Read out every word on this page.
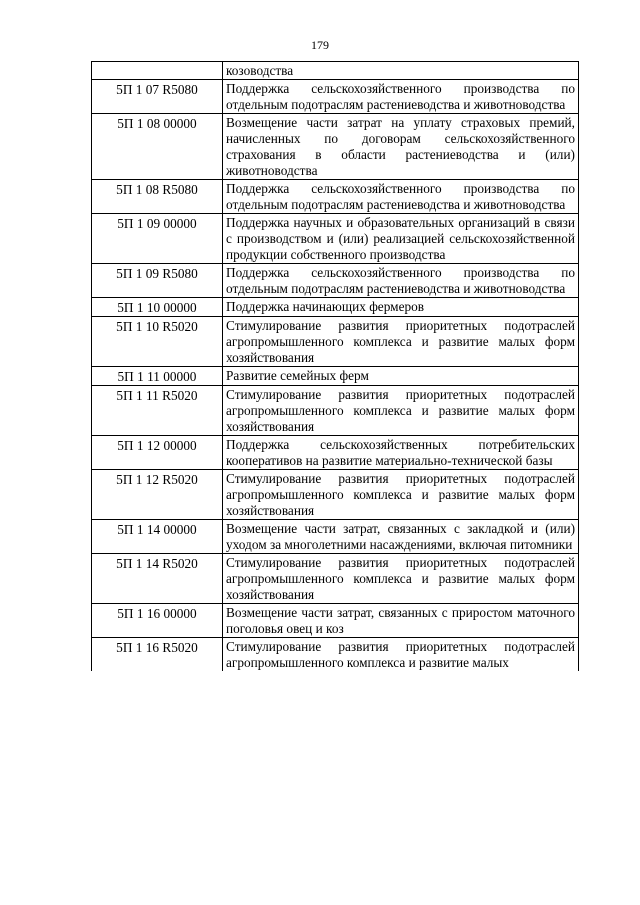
179
	козоводства
5П 1 07 R5080	Поддержка сельскохозяйственного производства по отдельным подотраслям растениеводства и животноводства
5П 1 08 00000	Возмещение части затрат на уплату страховых премий, начисленных по договорам сельскохозяйственного страхования в области растениеводства и (или) животноводства
5П 1 08 R5080	Поддержка сельскохозяйственного производства по отдельным подотраслям растениеводства и животноводства
5П 1 09 00000	Поддержка научных и образовательных организаций в связи с производством и (или) реализацией сельскохозяйственной продукции собственного производства
5П 1 09 R5080	Поддержка сельскохозяйственного производства по отдельным подотраслям растениеводства и животноводства
5П 1 10 00000	Поддержка начинающих фермеров
5П 1 10 R5020	Стимулирование развития приоритетных подотраслей агропромышленного комплекса и развитие малых форм хозяйствования
5П 1 11 00000	Развитие семейных ферм
5П 1 11 R5020	Стимулирование развития приоритетных подотраслей агропромышленного комплекса и развитие малых форм хозяйствования
5П 1 12 00000	Поддержка сельскохозяйственных потребительских кооперативов на развитие материально-технической базы
5П 1 12 R5020	Стимулирование развития приоритетных подотраслей агропромышленного комплекса и развитие малых форм хозяйствования
5П 1 14 00000	Возмещение части затрат, связанных с закладкой и (или) уходом за многолетними насаждениями, включая питомники
5П 1 14 R5020	Стимулирование развития приоритетных подотраслей агропромышленного комплекса и развитие малых форм хозяйствования
5П 1 16 00000	Возмещение части затрат, связанных с приростом маточного поголовья овец и коз
5П 1 16 R5020	Стимулирование развития приоритетных подотраслей агропромышленного комплекса и развитие малых
